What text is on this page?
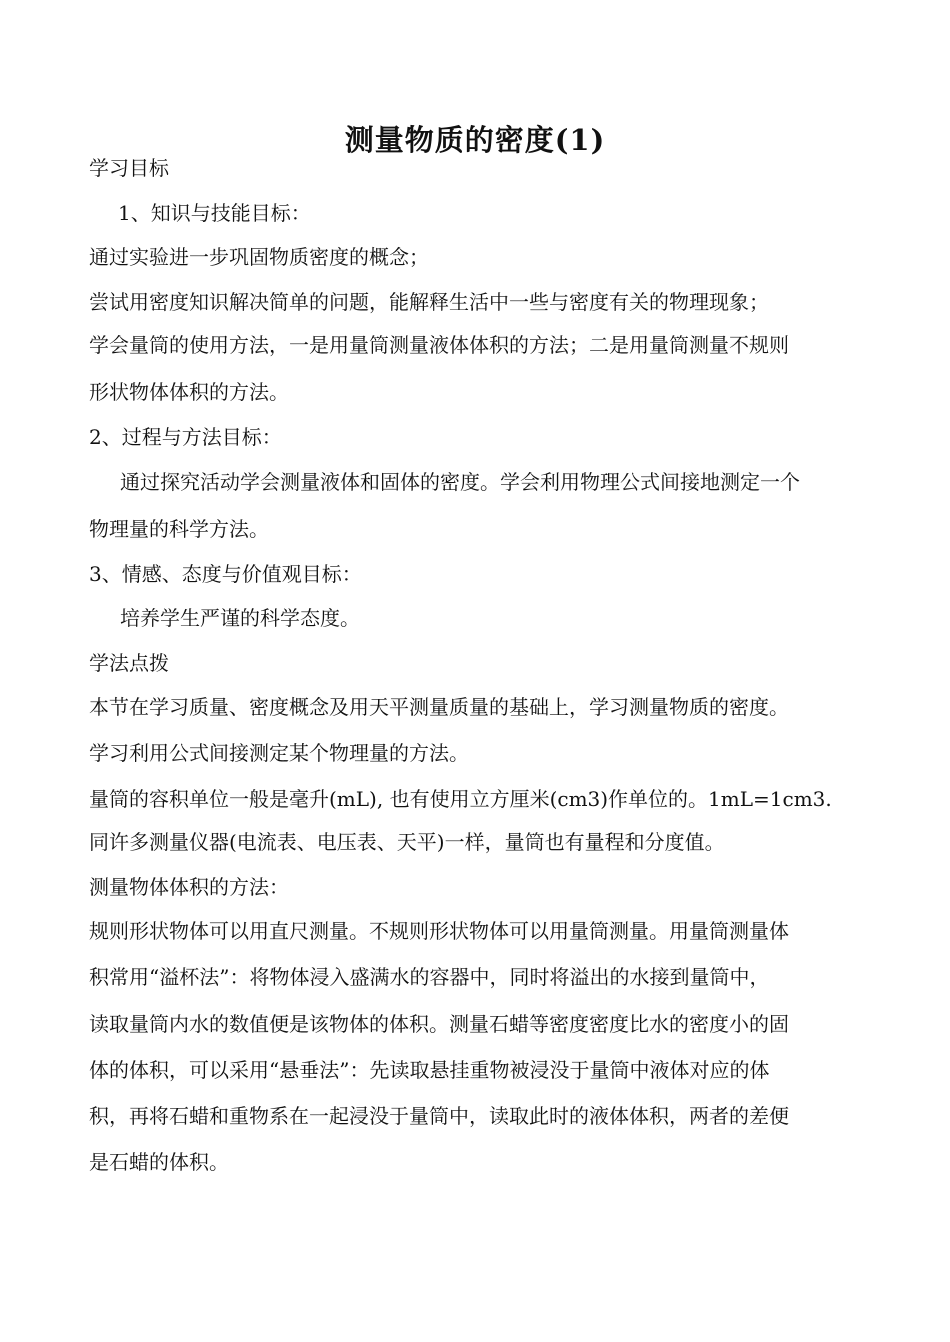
测量物质的密度(1)
学习目标
1、知识与技能目标：
通过实验进一步巩固物质密度的概念；
尝试用密度知识解决简单的问题，能解释生活中一些与密度有关的物理现象；
学会量筒的使用方法，一是用量筒测量液体体积的方法；二是用量筒测量不规则
形状物体体积的方法。
2、过程与方法目标：
通过探究活动学会测量液体和固体的密度。学会利用物理公式间接地测定一个
物理量的科学方法。
3、情感、态度与价值观目标：
培养学生严谨的科学态度。
学法点拨
本节在学习质量、密度概念及用天平测量质量的基础上，学习测量物质的密度。
学习利用公式间接测定某个物理量的方法。
量筒的容积单位一般是毫升(mL), 也有使用立方厘米(cm3)作单位的。1mL=1cm3.
同许多测量仪器(电流表、电压表、天平)一样，量筒也有量程和分度值。
测量物体体积的方法：
规则形状物体可以用直尺测量。不规则形状物体可以用量筒测量。用量筒测量体
积常用“溢杯法”：将物体浸入盛满水的容器中，同时将溢出的水接到量筒中，
读取量筒内水的数值便是该物体的体积。测量石蜡等密度密度比水的密度小的固
体的体积，可以采用“悬垂法”：先读取悬挂重物被浸没于量筒中液体对应的体
积，再将石蜡和重物系在一起浸没于量筒中，读取此时的液体体积，两者的差便
是石蜡的体积。
